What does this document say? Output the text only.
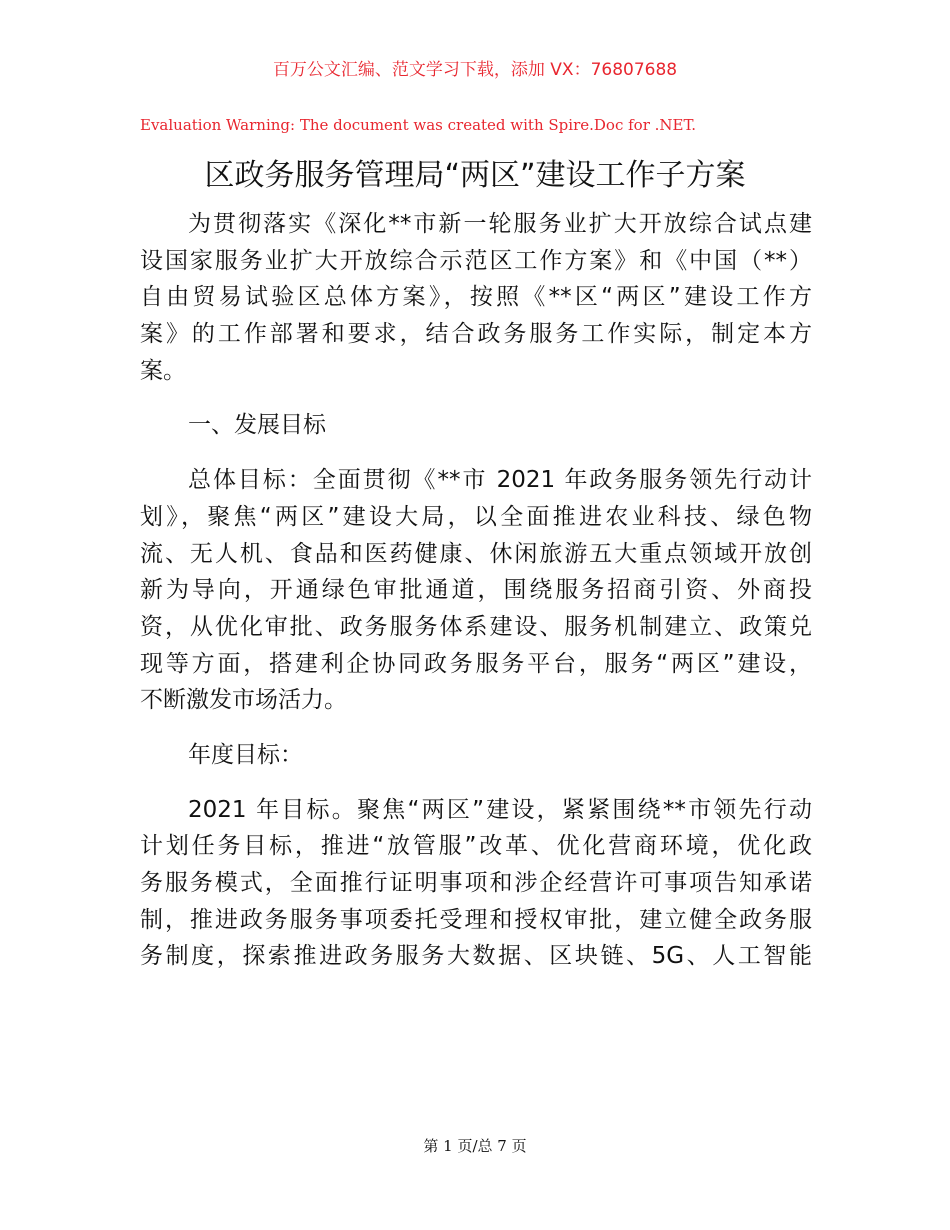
百万公文汇编、范文学习下载，添加 VX：76807688
Evaluation Warning: The document was created with Spire.Doc for .NET.
区政务服务管理局“两区”建设工作子方案
为贯彻落实《深化**市新一轮服务业扩大开放综合试点建
设国家服务业扩大开放综合示范区工作方案》和《中国（**）
自由贸易试验区总体方案》，按照《**区“两区”建设工作方
案》的工作部署和要求，结合政务服务工作实际，制定本方
案。
一、发展目标
总体目标：全面贯彻《**市 2021 年政务服务领先行动计
划》，聚焦“两区”建设大局，以全面推进农业科技、绿色物
流、无人机、食品和医药健康、休闲旅游五大重点领域开放创
新为导向，开通绿色审批通道，围绕服务招商引资、外商投
资，从优化审批、政务服务体系建设、服务机制建立、政策兑
现等方面，搭建利企协同政务服务平台，服务“两区”建设，
不断激发市场活力。
年度目标：
2021 年目标。聚焦“两区”建设，紧紧围绕**市领先行动
计划任务目标，推进“放管服”改革、优化营商环境，优化政
务服务模式，全面推行证明事项和涉企经营许可事项告知承诺
制，推进政务服务事项委托受理和授权审批，建立健全政务服
务制度，探索推进政务服务大数据、区块链、5G、人工智能
第 1 页/总 7 页
